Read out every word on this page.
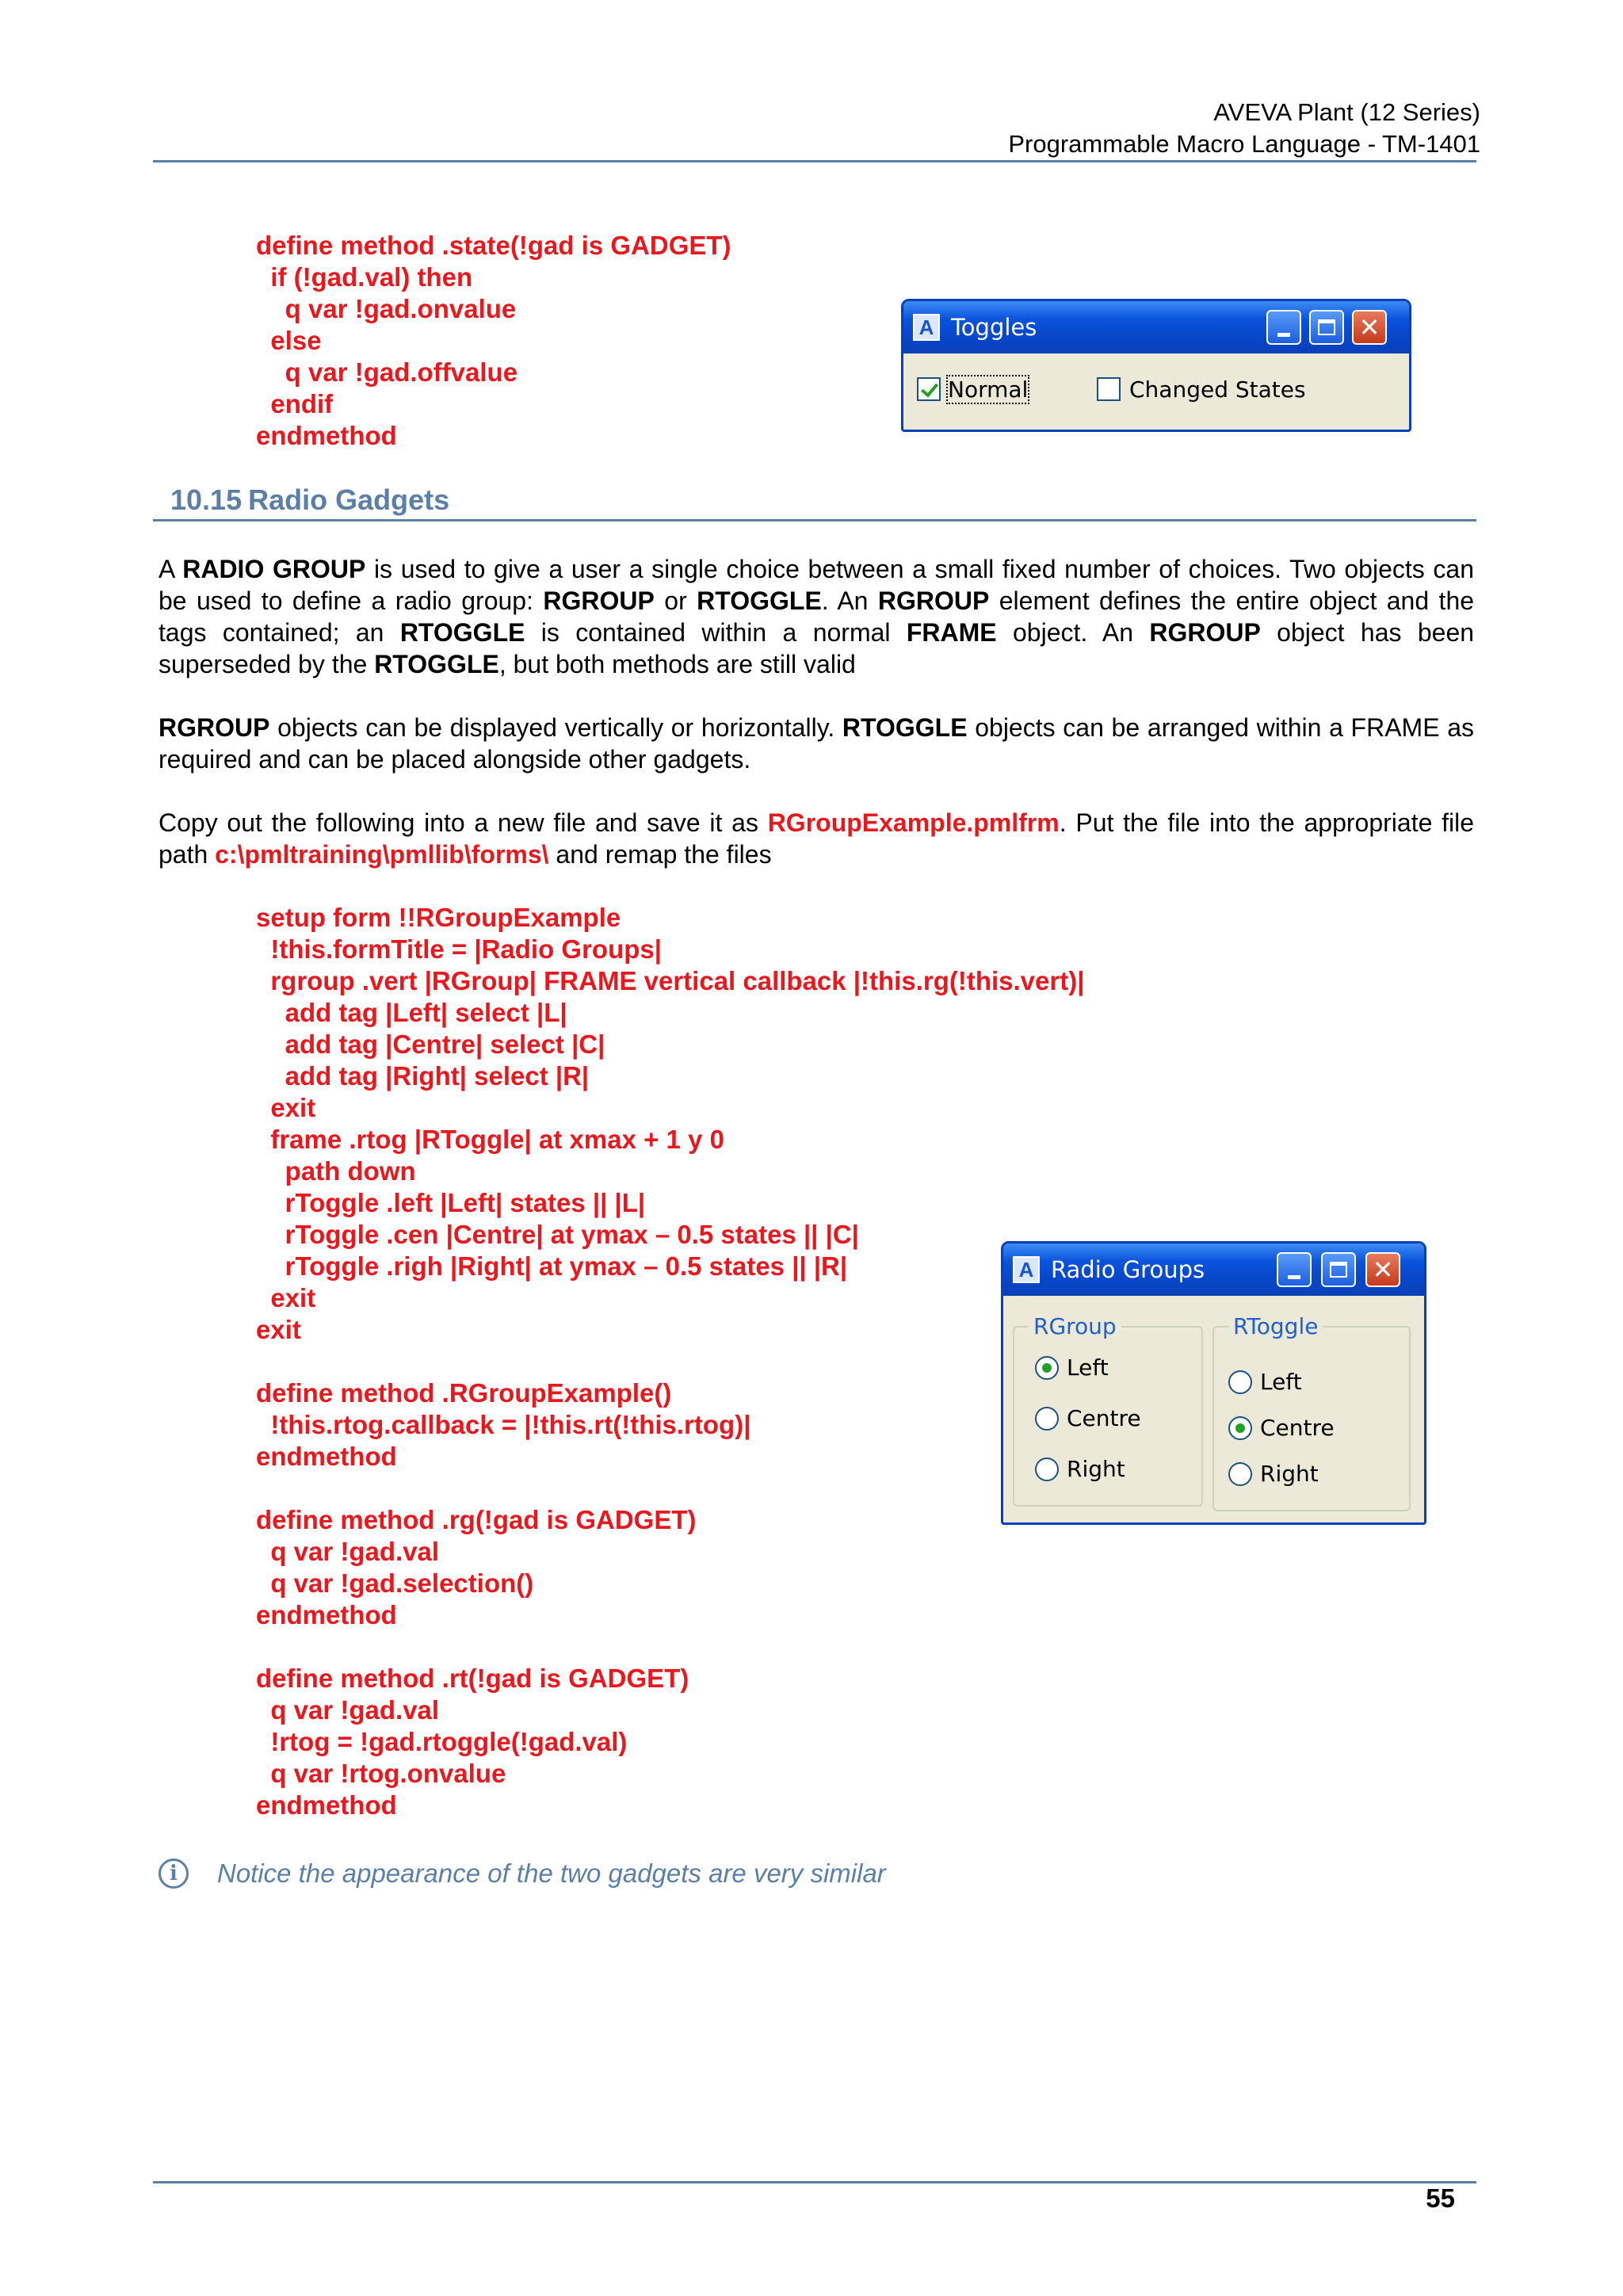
AVEVA Plant (12 Series)
Programmable Macro Language - TM-1401
define method .state(!gad is GADGET)
if (!gad.val) then
q var !gad.onvalue
else
q var !gad.offvalue
endif
endmethod
A Toggles	✕
Normal	Changed States
10.15 Radio Gadgets

A RADIO GROUP is used to give a user a single choice between a small fixed number of choices. Two objects can be used to define a radio group: RGROUP or RTOGGLE. An RGROUP element defines the entire object and the tags contained; an RTOGGLE is contained within a normal FRAME object. An RGROUP object has been superseded by the RTOGGLE, but both methods are still valid

RGROUP objects can be displayed vertically or horizontally. RTOGGLE objects can be arranged within a FRAME as required and can be placed alongside other gadgets.

Copy out the following into a new file and save it as RGroupExample.pmlfrm. Put the file into the appropriate file path c:\pmltraining\pmllib\forms\ and remap the files

setup form !!RGroupExample
!this.formTitle = |Radio Groups|
rgroup .vert |RGroup| FRAME vertical callback |!this.rg(!this.vert)|
add tag |Left| select |L|
add tag |Centre| select |C|
add tag |Right| select |R|
exit
frame .rtog |RToggle| at xmax + 1 y 0
path down
rToggle .left |Left| states || |L|
rToggle .cen |Centre| at ymax – 0.5 states || |C|
rToggle .righ |Right| at ymax – 0.5 states || |R|
exit
exit

define method .RGroupExample()
!this.rtog.callback = |!this.rt(!this.rtog)|
endmethod

define method .rg(!gad is GADGET)
q var !gad.val
q var !gad.selection()
endmethod

define method .rt(!gad is GADGET)
q var !gad.val
!rtog = !gad.rtoggle(!gad.val)
q var !rtog.onvalue
endmethod
A Radio Groups	✕
RGroup
Left
Centre
Right
RToggle
Left
Centre
Right
i	Notice the appearance of the two gadgets are very similar
55
